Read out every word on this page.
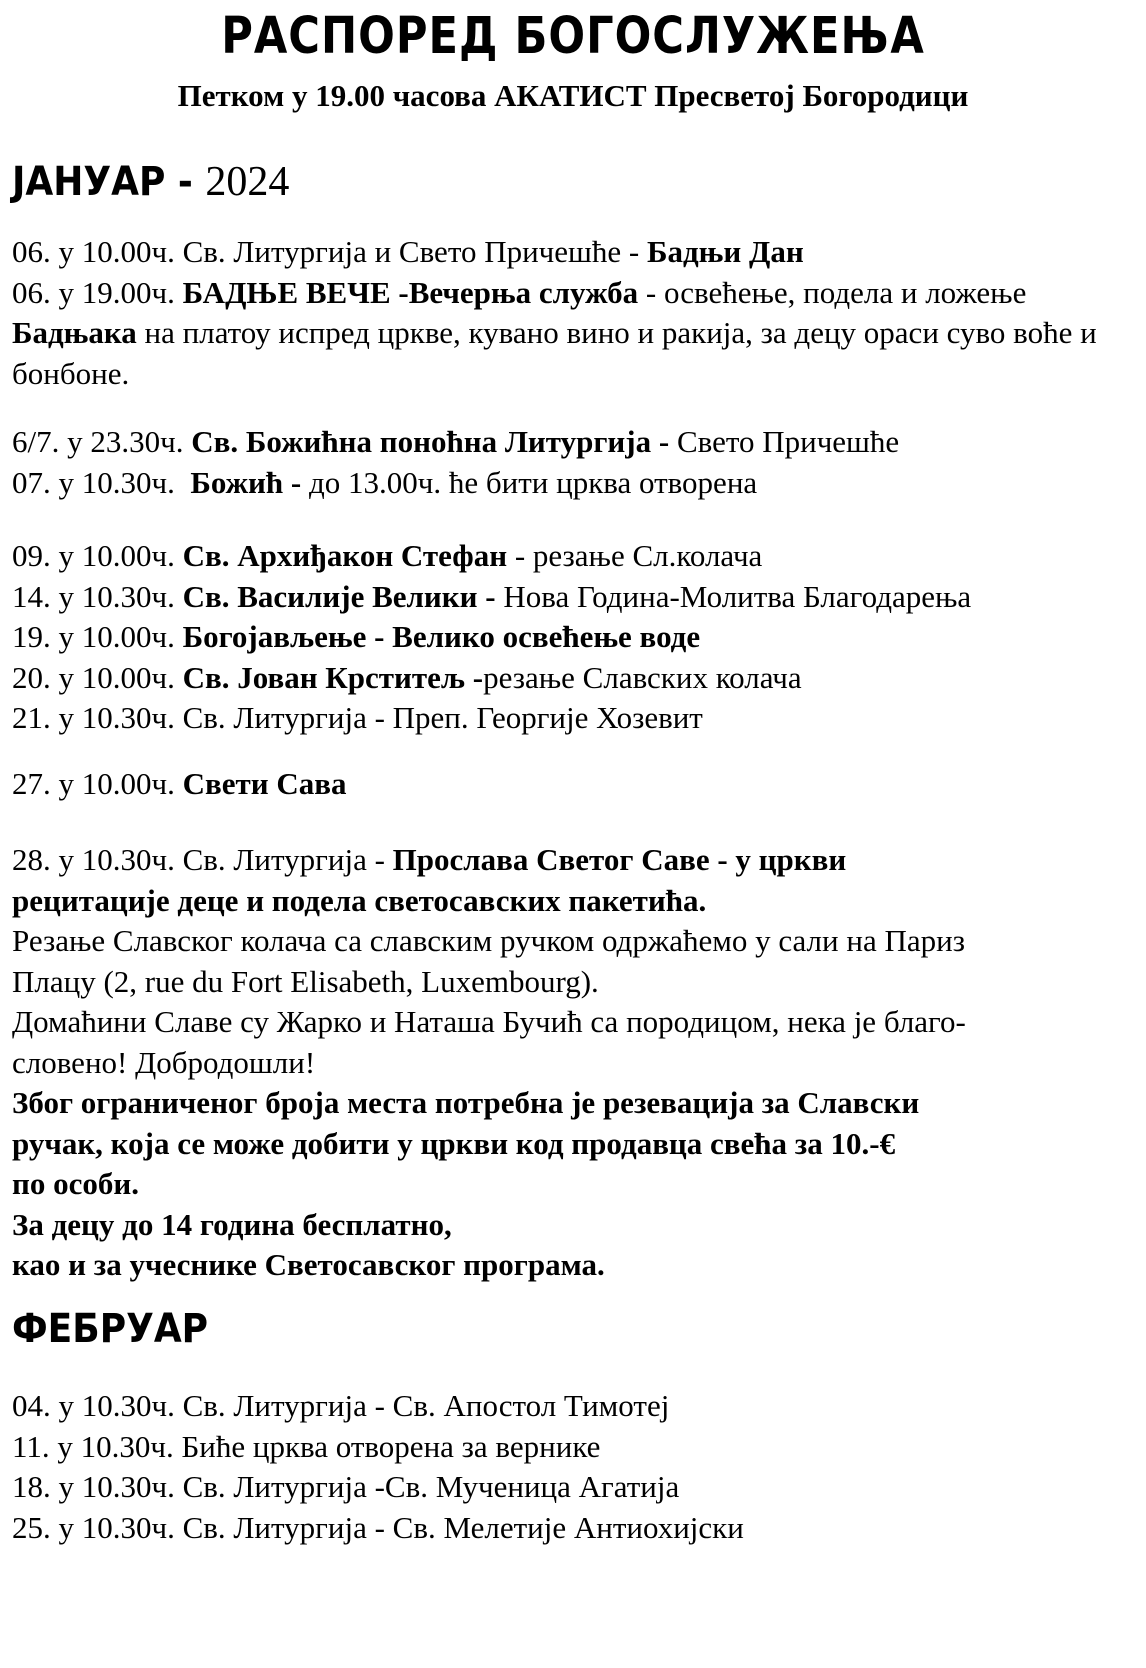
РАСПОРЕД БОГОСЛУЖЕЊА
Петком у 19.00 часова АКАТИСТ Пресветој Богородици
ЈАНУАР - 2024
06. у 10.00ч. Св. Литургија и Свето Причешће - Бадњи Дан
06. у 19.00ч. БАДЊЕ ВЕЧЕ -Вечерња служба - освећење, подела и ложење Бадњака на платоу испред цркве, кувано вино и ракија, за децу ораси суво воће и бонбоне.
6/7. у 23.30ч. Св. Божићна поноћна Литургија - Свето Причешће
07. у 10.30ч.  Божић - до 13.00ч. ће бити црква отворена
09. у 10.00ч. Св. Архиђакон Стефан - резање Сл.колача
14. у 10.30ч. Св. Василије Велики - Нова Година-Молитва Благодарења
19. у 10.00ч. Богојављење - Велико освећење воде
20. у 10.00ч. Св. Јован Крститељ -резање Славских колача
21. у 10.30ч. Св. Литургија - Преп. Георгије Хозевит
27. у 10.00ч. Свети Сава
28. у 10.30ч. Св. Литургија - Прослава Светог Саве - у цркви
рецитације деце и подела светосавских пакетића.
Резање Славског колача са славским ручком одржаћемо у сали на Париз
Плацу (2, rue du Fort Elisabeth, Luxembourg).
Домаћини Славе су Жарко и Наташа Бучић са породицом, нека је благо-
словено! Добродошли!
Због ограниченог броја места потребна је резевација за Славски
ручак, која се може добити у цркви код продавца свећа за 10.-€
по особи.
За децу до 14 година бесплатно,
као и за учеснике Светосавског програма.
ФЕБРУАР
04. у 10.30ч. Св. Литургија - Св. Апостол Тимотеј
11. у 10.30ч. Биће црква отворена за вернике
18. у 10.30ч. Св. Литургија -Св. Мученица Агатија
25. у 10.30ч. Св. Литургија - Св. Мелетије Антиохијски
